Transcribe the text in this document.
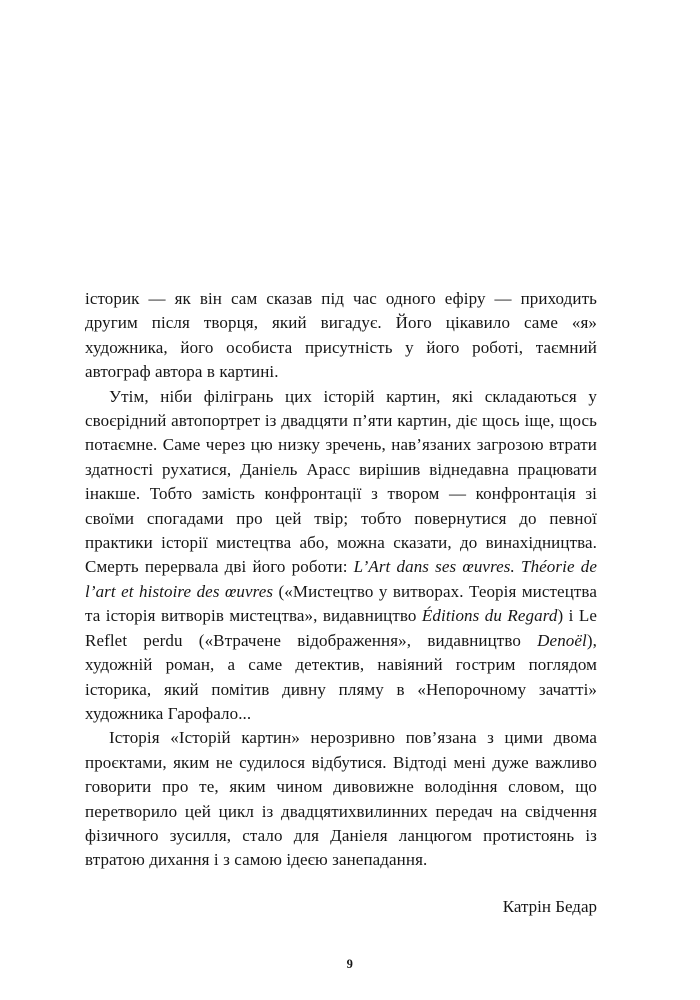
історик — як він сам сказав під час одного ефіру — приходить другим після творця, який вигадує. Його цікавило саме «я» художника, його особиста присутність у його роботі, таємний автограф автора в картині.

Утім, ніби філігрань цих історій картин, які складаються у своєрідний автопортрет із двадцяти п’яти картин, діє щось іще, щось потаємне. Саме через цю низку зречень, нав’язаних загрозою втрати здатності рухатися, Даніель Арасс вирішив віднедавна працювати інакше. Тобто замість конфронтації з твором — конфронтація зі своїми спогадами про цей твір; тобто повернутися до певної практики історії мистецтва або, можна сказати, до винахідництва. Смерть перервала дві його роботи: L’Art dans ses œuvres. Théorie de l’art et histoire des œuvres («Мистецтво у витворах. Теорія мистецтва та історія витворів мистецтва», видавництво Éditions du Regard) і Le Reflet perdu («Втрачене відображення», видавництво Denoël), художній роман, а саме детектив, навіяний гострим поглядом історика, який помітив дивну пляму в «Непорочному зачатті» художника Гарофало...

Історія «Історій картин» нерозривно пов’язана з цими двома проєктами, яким не судилося відбутися. Відтоді мені дуже важливо говорити про те, яким чином дивовижне володіння словом, що перетворило цей цикл із двадцятихвилинних передач на свідчення фізичного зусилля, стало для Даніеля ланцюгом протистоянь із втратою дихання і з самою ідеєю занепадання.

Катрін Бедар
9
